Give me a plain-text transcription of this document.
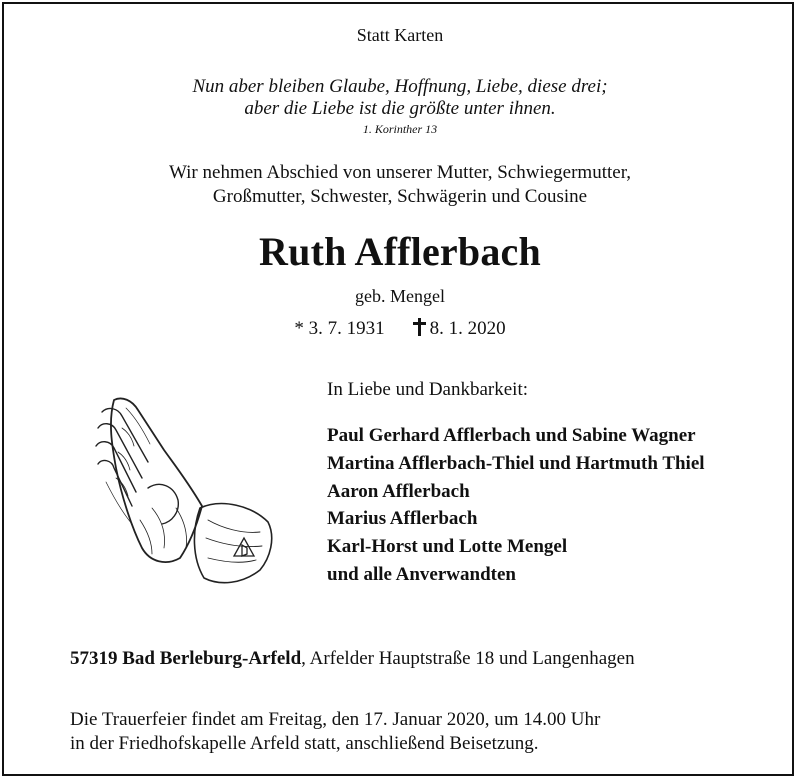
Statt Karten
Nun aber bleiben Glaube, Hoffnung, Liebe, diese drei;
aber die Liebe ist die größte unter ihnen.
1. Korinther 13
Wir nehmen Abschied von unserer Mutter, Schwiegermutter,
Großmutter, Schwester, Schwägerin und Cousine
Ruth Afflerbach
geb. Mengel
* 3. 7. 1931 8. 1. 2020
In Liebe und Dankbarkeit:
Paul Gerhard Afflerbach und Sabine Wagner
Martina Afflerbach-Thiel und Hartmuth Thiel
Aaron Afflerbach
Marius Afflerbach
Karl-Horst und Lotte Mengel
und alle Anverwandten
57319 Bad Berleburg-Arfeld, Arfelder Hauptstraße 18 und Langenhagen
Die Trauerfeier findet am Freitag, den 17. Januar 2020, um 14.00 Uhr
in der Friedhofskapelle Arfeld statt, anschließend Beisetzung.
